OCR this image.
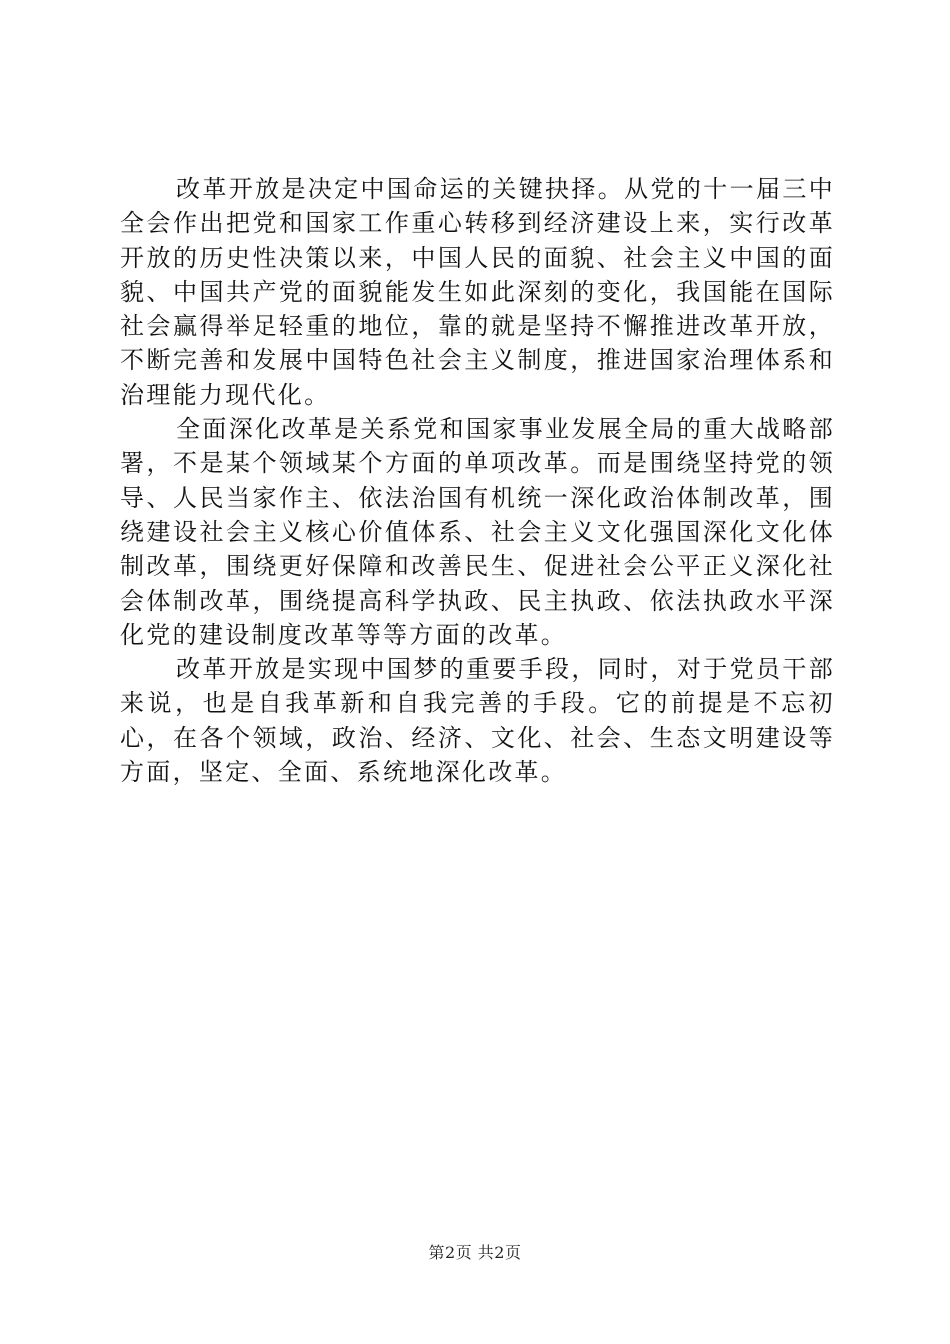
改革开放是决定中国命运的关键抉择。从党的十一届三中全会作出把党和国家工作重心转移到经济建设上来，实行改革开放的历史性决策以来，中国人民的面貌、社会主义中国的面貌、中国共产党的面貌能发生如此深刻的变化，我国能在国际社会赢得举足轻重的地位，靠的就是坚持不懈推进改革开放，不断完善和发展中国特色社会主义制度，推进国家治理体系和治理能力现代化。

全面深化改革是关系党和国家事业发展全局的重大战略部署，不是某个领域某个方面的单项改革。而是围绕坚持党的领导、人民当家作主、依法治国有机统一深化政治体制改革，围绕建设社会主义核心价值体系、社会主义文化强国深化文化体制改革，围绕更好保障和改善民生、促进社会公平正义深化社会体制改革，围绕提高科学执政、民主执政、依法执政水平深化党的建设制度改革等等方面的改革。

改革开放是实现中国梦的重要手段，同时，对于党员干部来说，也是自我革新和自我完善的手段。它的前提是不忘初心，在各个领域，政治、经济、文化、社会、生态文明建设等方面，坚定、全面、系统地深化改革。

第2页 共2页
